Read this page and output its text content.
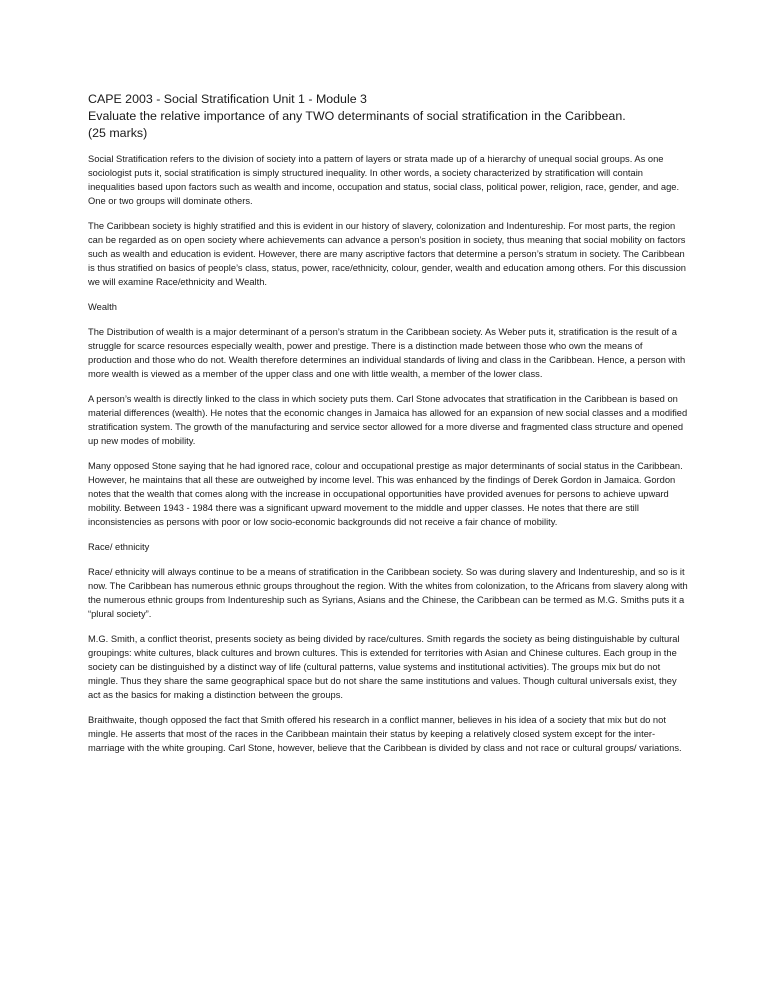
CAPE 2003 - Social Stratification Unit 1 - Module 3

Evaluate the relative importance of any TWO determinants of social stratification in the Caribbean.

(25 marks)

Social Stratification refers to the division of society into a pattern of layers or strata made up of a hierarchy of unequal social groups. As one sociologist puts it, social stratification is simply structured inequality. In other words, a society characterized by stratification will contain inequalities based upon factors such as wealth and income, occupation and status, social class, political power, religion, race, gender, and age. One or two groups will dominate others.

The Caribbean society is highly stratified and this is evident in our history of slavery, colonization and Indentureship. For most parts, the region can be regarded as on open society where achievements can advance a person’s position in society, thus meaning that social mobility on factors such as wealth and education is evident. However, there are many ascriptive factors that determine a person’s stratum in society. The Caribbean is thus stratified on basics of people’s class, status, power, race/ethnicity, colour, gender, wealth and education among others. For this discussion we will examine Race/ethnicity and Wealth.

Wealth

The Distribution of wealth is a major determinant of a person’s stratum in the Caribbean society. As Weber puts it, stratification is the result of a struggle for scarce resources especially wealth, power and prestige. There is a distinction made between those who own the means of production and those who do not. Wealth therefore determines an individual standards of living and class in the Caribbean. Hence, a person with more wealth is viewed as a member of the upper class and one with little wealth, a member of the lower class.

A person’s wealth is directly linked to the class in which society puts them. Carl Stone advocates that stratification in the Caribbean is based on material differences (wealth). He notes that the economic changes in Jamaica has allowed for an expansion of new social classes and a modified stratification system. The growth of the manufacturing and service sector allowed for a more diverse and fragmented class structure and opened up new modes of mobility.

Many opposed Stone saying that he had ignored race, colour and occupational prestige as major determinants of social status in the Caribbean. However, he maintains that all these are outweighed by income level. This was enhanced by the findings of Derek Gordon in Jamaica. Gordon notes that the wealth that comes along with the increase in occupational opportunities have provided avenues for persons to achieve upward mobility. Between 1943 - 1984 there was a significant upward movement to the middle and upper classes. He notes that there are still inconsistencies as persons with poor or low socio-economic backgrounds did not receive a fair chance of mobility.

Race/ ethnicity

Race/ ethnicity will always continue to be a means of stratification in the Caribbean society. So was during slavery and Indentureship, and so is it now. The Caribbean has numerous ethnic groups throughout the region. With the whites from colonization, to the Africans from slavery along with the numerous ethnic groups from Indentureship such as Syrians, Asians and the Chinese, the Caribbean can be termed as M.G. Smiths puts it a “plural society”.

M.G. Smith, a conflict theorist, presents society as being divided by race/cultures. Smith regards the society as being distinguishable by cultural groupings: white cultures, black cultures and brown cultures. This is extended for territories with Asian and Chinese cultures. Each group in the society can be distinguished by a distinct way of life (cultural patterns, value systems and institutional activities). The groups mix but do not mingle. Thus they share the same geographical space but do not share the same institutions and values. Though cultural universals exist, they act as the basics for making a distinction between the groups.

Braithwaite, though opposed the fact that Smith offered his research in a conflict manner, believes in his idea of a society that mix but do not mingle. He asserts that most of the races in the Caribbean maintain their status by keeping a relatively closed system except for the inter-marriage with the white grouping. Carl Stone, however, believe that the Caribbean is divided by class and not race or cultural groups/ variations.
